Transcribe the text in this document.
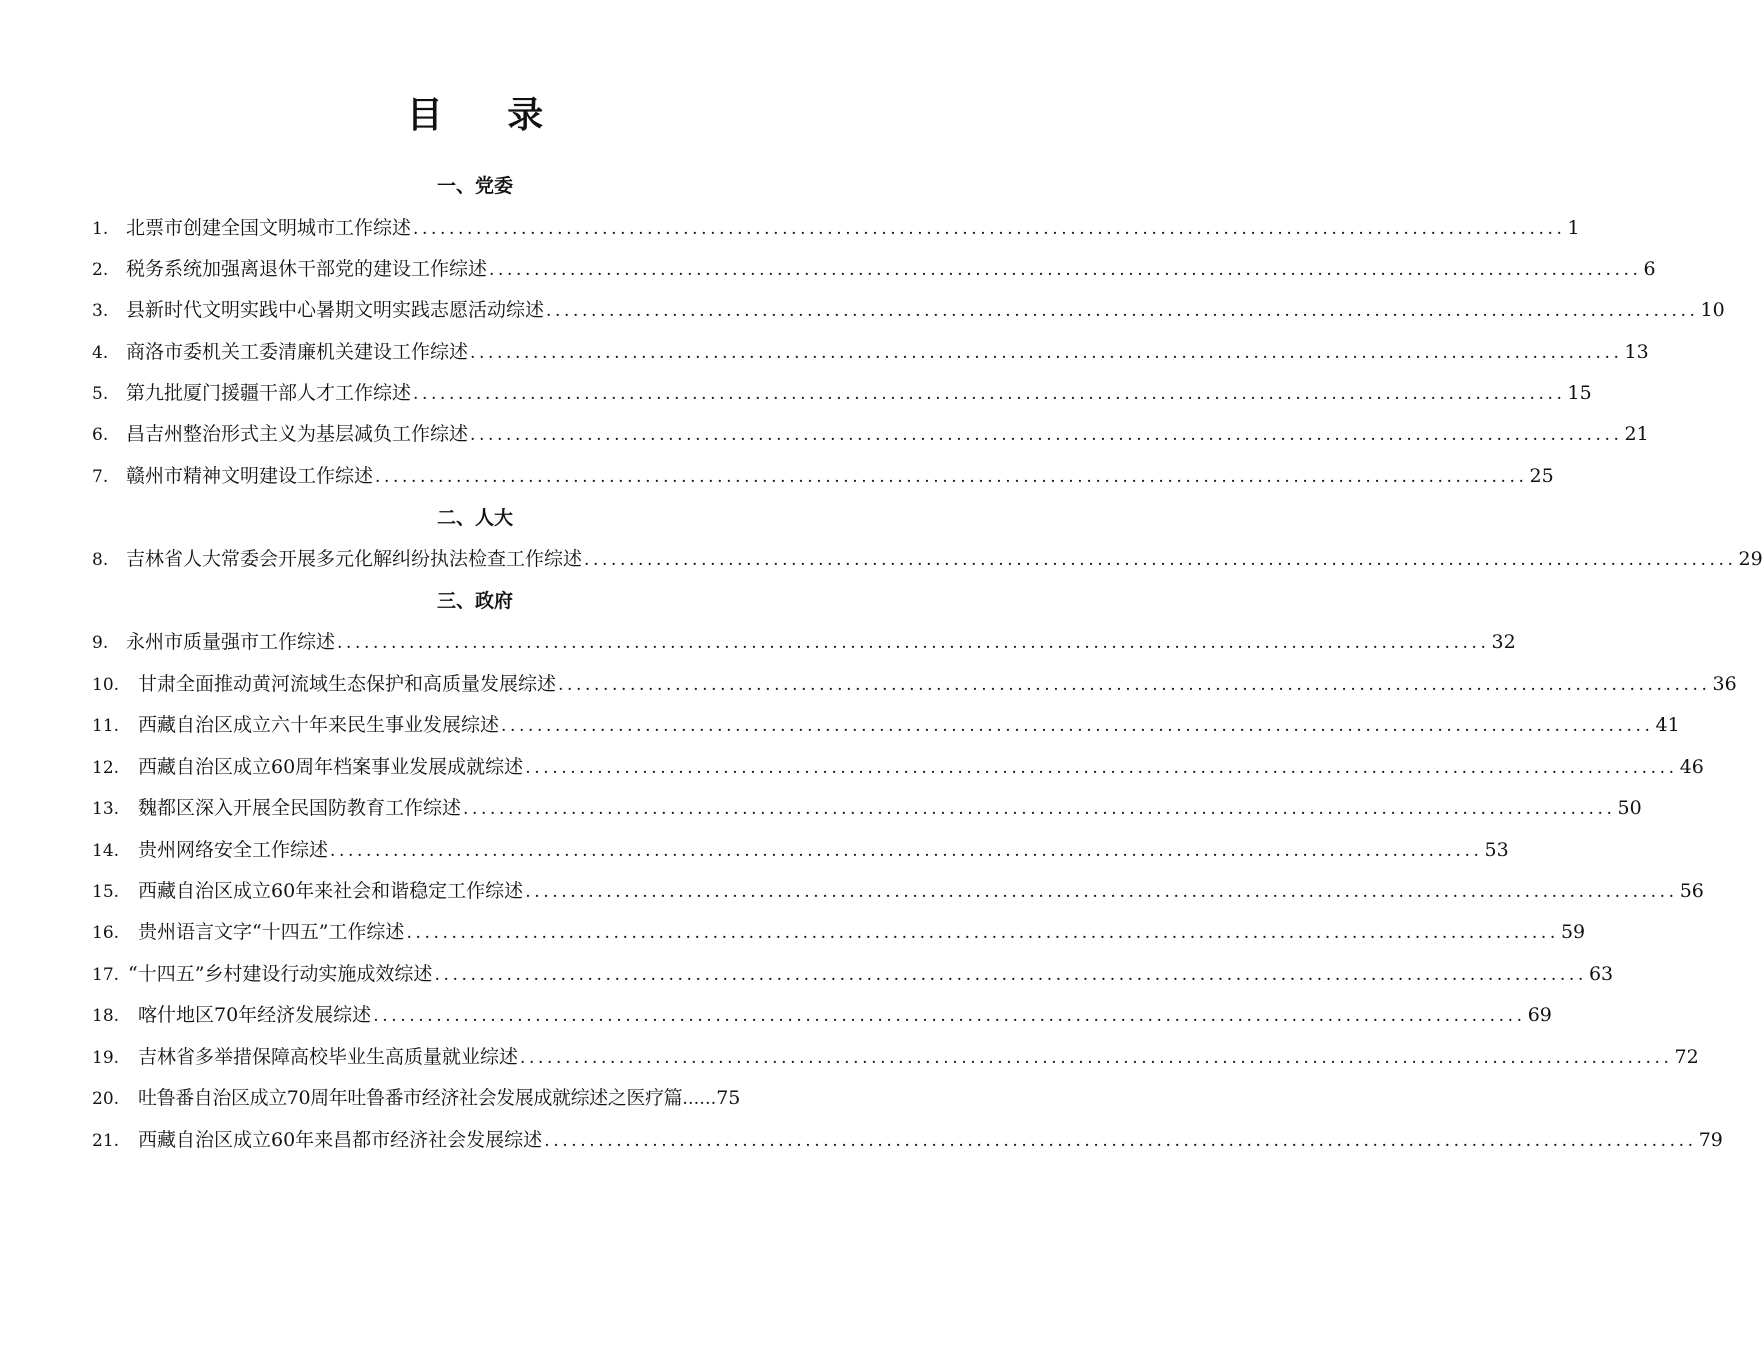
目 录
一、党委
1. 北票市创建全国文明城市工作综述 ................................................................................................................................ 1
2. 税务系统加强离退休干部党的建设工作综述 ................................................................................................................................ 6
3. 县新时代文明实践中心暑期文明实践志愿活动综述 ................................................................................................................................ 10
4. 商洛市委机关工委清廉机关建设工作综述 ................................................................................................................................ 13
5. 第九批厦门援疆干部人才工作综述 ................................................................................................................................ 15
6. 昌吉州整治形式主义为基层减负工作综述 ................................................................................................................................ 21
7. 赣州市精神文明建设工作综述 ................................................................................................................................ 25
二、人大
8. 吉林省人大常委会开展多元化解纠纷执法检查工作综述 ................................................................................................................................ 29
三、政府
9. 永州市质量强市工作综述 ................................................................................................................................ 32
10. 甘肃全面推动黄河流域生态保护和高质量发展综述 ................................................................................................................................ 36
11. 西藏自治区成立六十年来民生事业发展综述 ................................................................................................................................ 41
12. 西藏自治区成立60周年档案事业发展成就综述 ................................................................................................................................ 46
13. 魏都区深入开展全民国防教育工作综述 ................................................................................................................................ 50
14. 贵州网络安全工作综述 ................................................................................................................................ 53
15. 西藏自治区成立60年来社会和谐稳定工作综述 ................................................................................................................................ 56
16. 贵州语言文字“十四五”工作综述 ................................................................................................................................ 59
17. “十四五”乡村建设行动实施成效综述 ................................................................................................................................ 63
18. 喀什地区70年经济发展综述 ................................................................................................................................ 69
19. 吉林省多举措保障高校毕业生高质量就业综述 ................................................................................................................................ 72
20. 吐鲁番自治区成立70周年吐鲁番市经济社会发展成就综述之医疗篇 …… 75
21. 西藏自治区成立60年来昌都市经济社会发展综述 ................................................................................................................................ 79
